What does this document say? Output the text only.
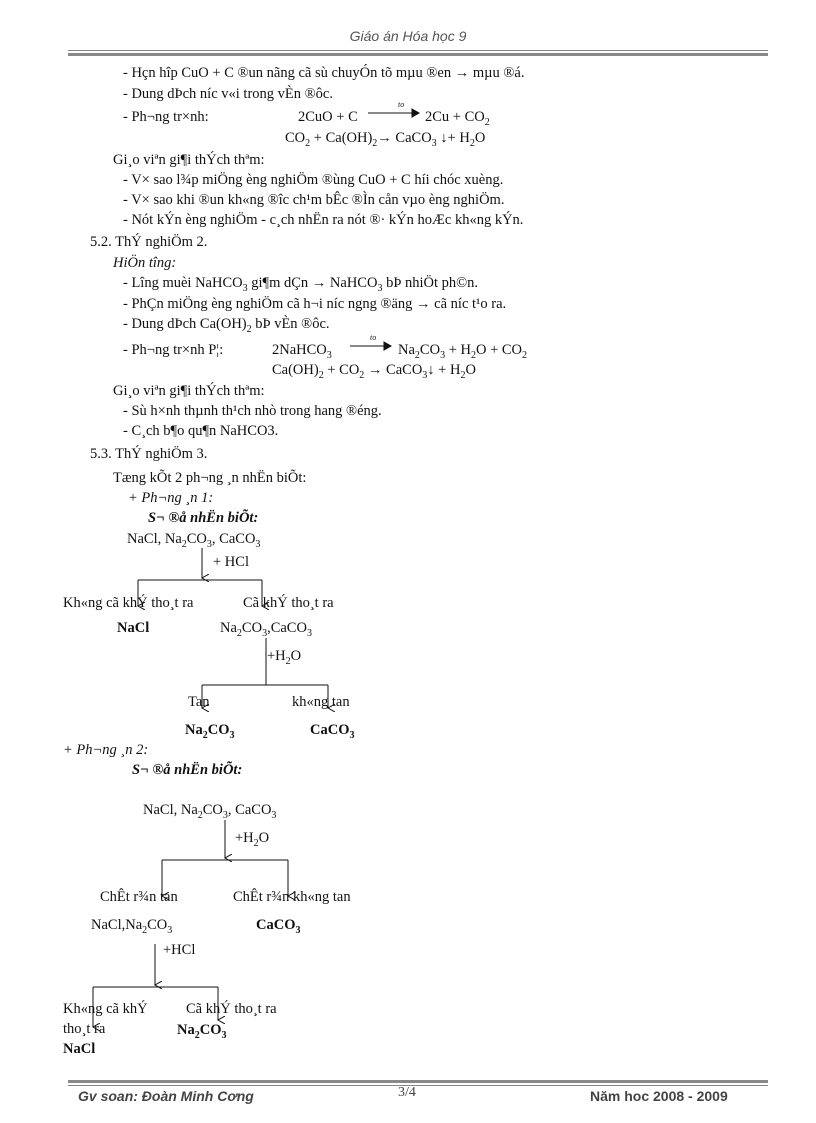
Giáo án Hóa học 9
- Hçn hîp CuO + C ®un nãng cã sù chuyÓn tõ mµu ®en → mµu ®á.
- Dung dÞch níc v«i trong vÈn ®ôc.
- Ph¬ng tr×nh:	2CuO + C
to
$2Cu + CO_2$
$CO_2 + Ca(OH)_2\to$ CaCO$_3$ ↓+ $H_2O$
Gi¸o viªn gi¶i thÝch thªm:
- V× sao l¾p miÖng èng nghiÖm ®ùng CuO + C híi chóc xuèng.
- V× sao khi ®un kh«ng ®îc ch¹m bÊc ®Ìn cån vµo èng nghiÖm.
- Nót kÝn èng nghiÖm - c¸ch nhËn ra nót ®· kÝn hoÆc kh«ng kÝn.
5.2. ThÝ nghiÖm 2.
HiÖn tîng:
- Lîng muèi NaHCO$_3$ gi¶m dÇn → NaHCO$_3$ bÞ nhiÖt ph©n.
- PhÇn miÖng èng nghiÖm cã h¬i níc ngng ®äng → cã níc t¹o ra.
- Dung dÞch $Ca(OH)_2$ bÞ vÈn ®ôc.
- Ph¬ng tr×nh P¦:	2NaHCO$_3$
to
$Na_2CO_3 + H_2O + CO_2$
$Ca(OH)_2 + CO_2$ → CaCO$_3$↓ + $H_2O$
Gi¸o viªn gi¶i thÝch thªm:
- Sù h×nh thµnh th¹ch nhò trong hang ®éng.
- C¸ch b¶o qu¶n NaHCO3.
5.3. ThÝ nghiÖm 3.
Tæng kÕt 2 ph¬ng ¸n nhËn biÕt:
+ Ph¬ng ¸n 1:
S¬ ®å nhËn biÕt:
NaCl, $Na_2CO_3$, CaCO$_3$
+ HCl
Kh«ng cã khÝ tho¸t ra	Cã khÝ tho¸t ra
NaCl	$Na_2CO_3,CaCO_3$
$+H_2O$
Tan	kh«ng tan
$Na_2CO_3$	CaCO$_3$
+ Ph¬ng ¸n 2:
S¬ ®å nhËn biÕt:
NaCl, $Na_2CO_3$, CaCO$_3$
$+H_2O$
ChÊt r¾n tan	ChÊt r¾n kh«ng tan
$NaCl,Na_2CO_3$	CaCO$_3$
+HCl
Kh«ng cã khÝ
tho¸t ra
NaCl
Cã khÝ tho¸t ra
$Na_2CO_3$
Gv soan: Đoàn Minh Cơng	3/4	Năm hoc 2008 - 2009
